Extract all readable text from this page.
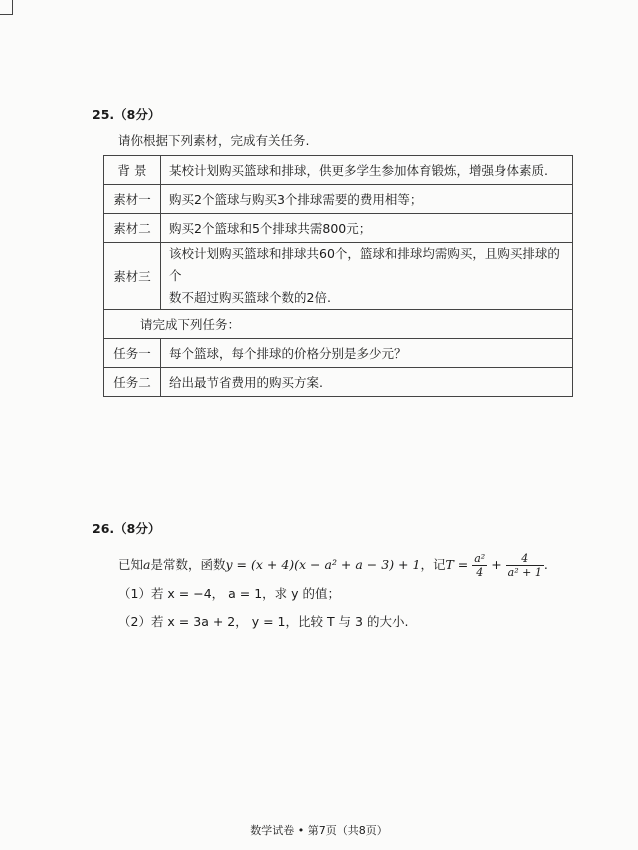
25.（8分）
请你根据下列素材，完成有关任务.
背 景	某校计划购买篮球和排球，供更多学生参加体育锻炼，增强身体素质.
素材一	购买2个篮球与购买3个排球需要的费用相等；
素材二	购买2个篮球和5个排球共需800元；
素材三	该校计划购买篮球和排球共60个，篮球和排球均需购买，且购买排球的个
数不超过购买篮球个数的2倍.
请完成下列任务：	
任务一	每个篮球，每个排球的价格分别是多少元？
任务二	给出最节省费用的购买方案.
26.（8分）
已知a是常数，函数y = (x + 4)(x − a² + a − 3) + 1，记$T = \frac{\text{a²}}{4} + \frac{4}{\text{a² + 1}}$ .
（1）若 x = −4， a = 1，求 y 的值；
（2）若 x = 3a + 2， y = 1，比较 T 与 3 的大小.
数学试卷 • 第7页（共8页）
